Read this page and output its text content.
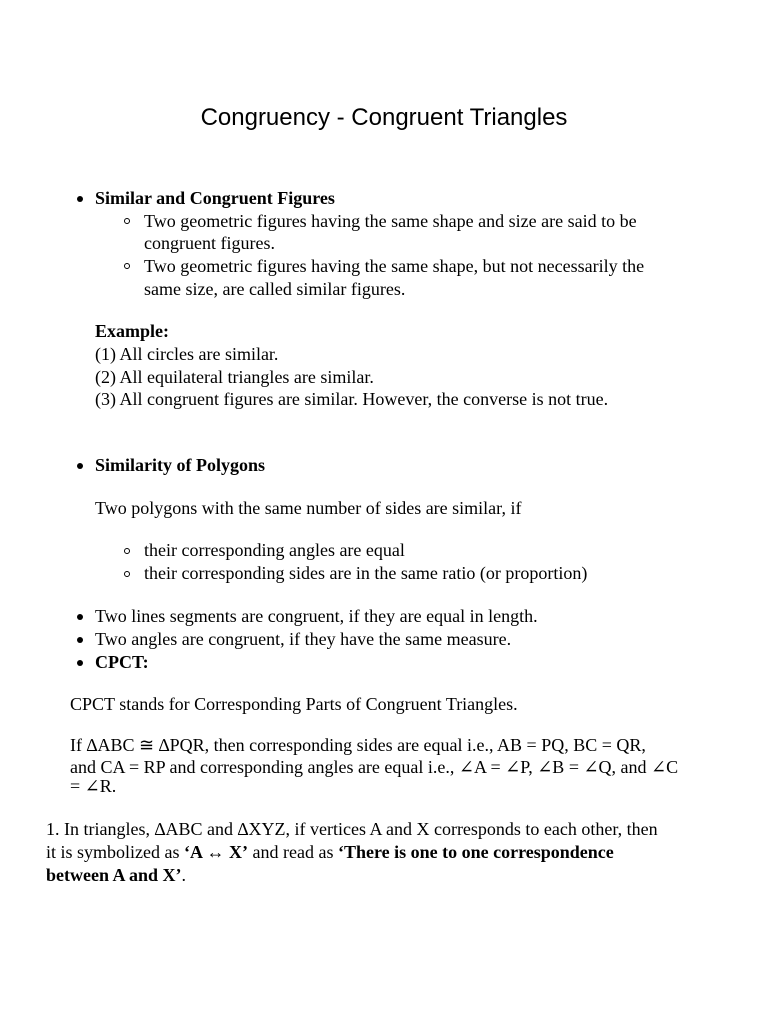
Congruency - Congruent Triangles

Similar and Congruent Figures

Two geometric figures having the same shape and size are said to be

congruent figures.

Two geometric figures having the same shape, but not necessarily the

same size, are called similar figures.

Example:

(1) All circles are similar.

(2) All equilateral triangles are similar.

(3) All congruent figures are similar. However, the converse is not true.

Similarity of Polygons

Two polygons with the same number of sides are similar, if

their corresponding angles are equal

their corresponding sides are in the same ratio (or proportion)

Two lines segments are congruent, if they are equal in length.

Two angles are congruent, if they have the same measure.

CPCT:

CPCT stands for Corresponding Parts of Congruent Triangles.

If ∆ABC ≅ ∆PQR, then corresponding sides are equal i.e., AB = PQ, BC = QR,

and CA = RP and corresponding angles are equal i.e., ∠A = ∠P, ∠B = ∠Q, and ∠C

= ∠R.

1. In triangles, ∆ABC and ∆XYZ, if vertices A and X corresponds to each other, then

it is symbolized as ‘A ↔ X’ and read as ‘There is one to one correspondence

between A and X’.
